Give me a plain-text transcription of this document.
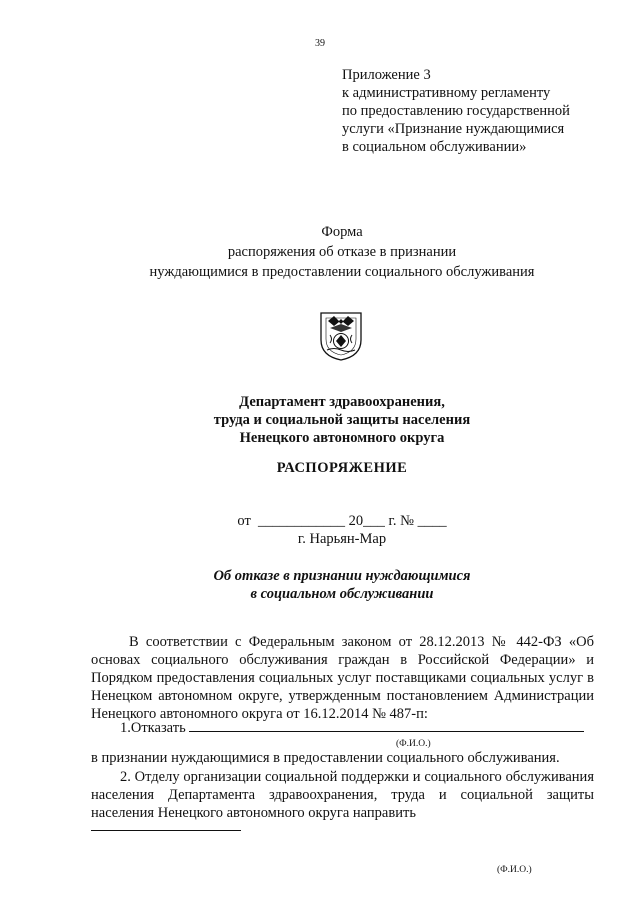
39
Приложение 3
к административному регламенту
по предоставлению государственной
услуги «Признание нуждающимися
в социальном обслуживании»
Форма
распоряжения об отказе в признании
нуждающимися в предоставлении социального обслуживания
Департамент здравоохранения,
труда и социальной защиты населения
Ненецкого автономного округа
РАСПОРЯЖЕНИЕ
от  ____________ 20___ г. № ____
г. Нарьян-Мар
Об отказе в признании нуждающимися
в социальном обслуживании
В соответствии с Федеральным законом от 28.12.2013 № 442-ФЗ «Об основах социального обслуживания граждан в Российской Федерации» и Порядком предоставления социальных услуг поставщиками социальных услуг в Ненецком автономном округе, утвержденным постановлением Администрации Ненецкого автономного округа от 16.12.2014 № 487-п:
1.Отказать
(Ф.И.О.)
в признании нуждающимися в предоставлении социального обслуживания.
2. Отделу организации социальной поддержки и социального обслуживания населения Департамента здравоохранения, труда и социальной защиты населения Ненецкого автономного округа направить
(Ф.И.О.)
